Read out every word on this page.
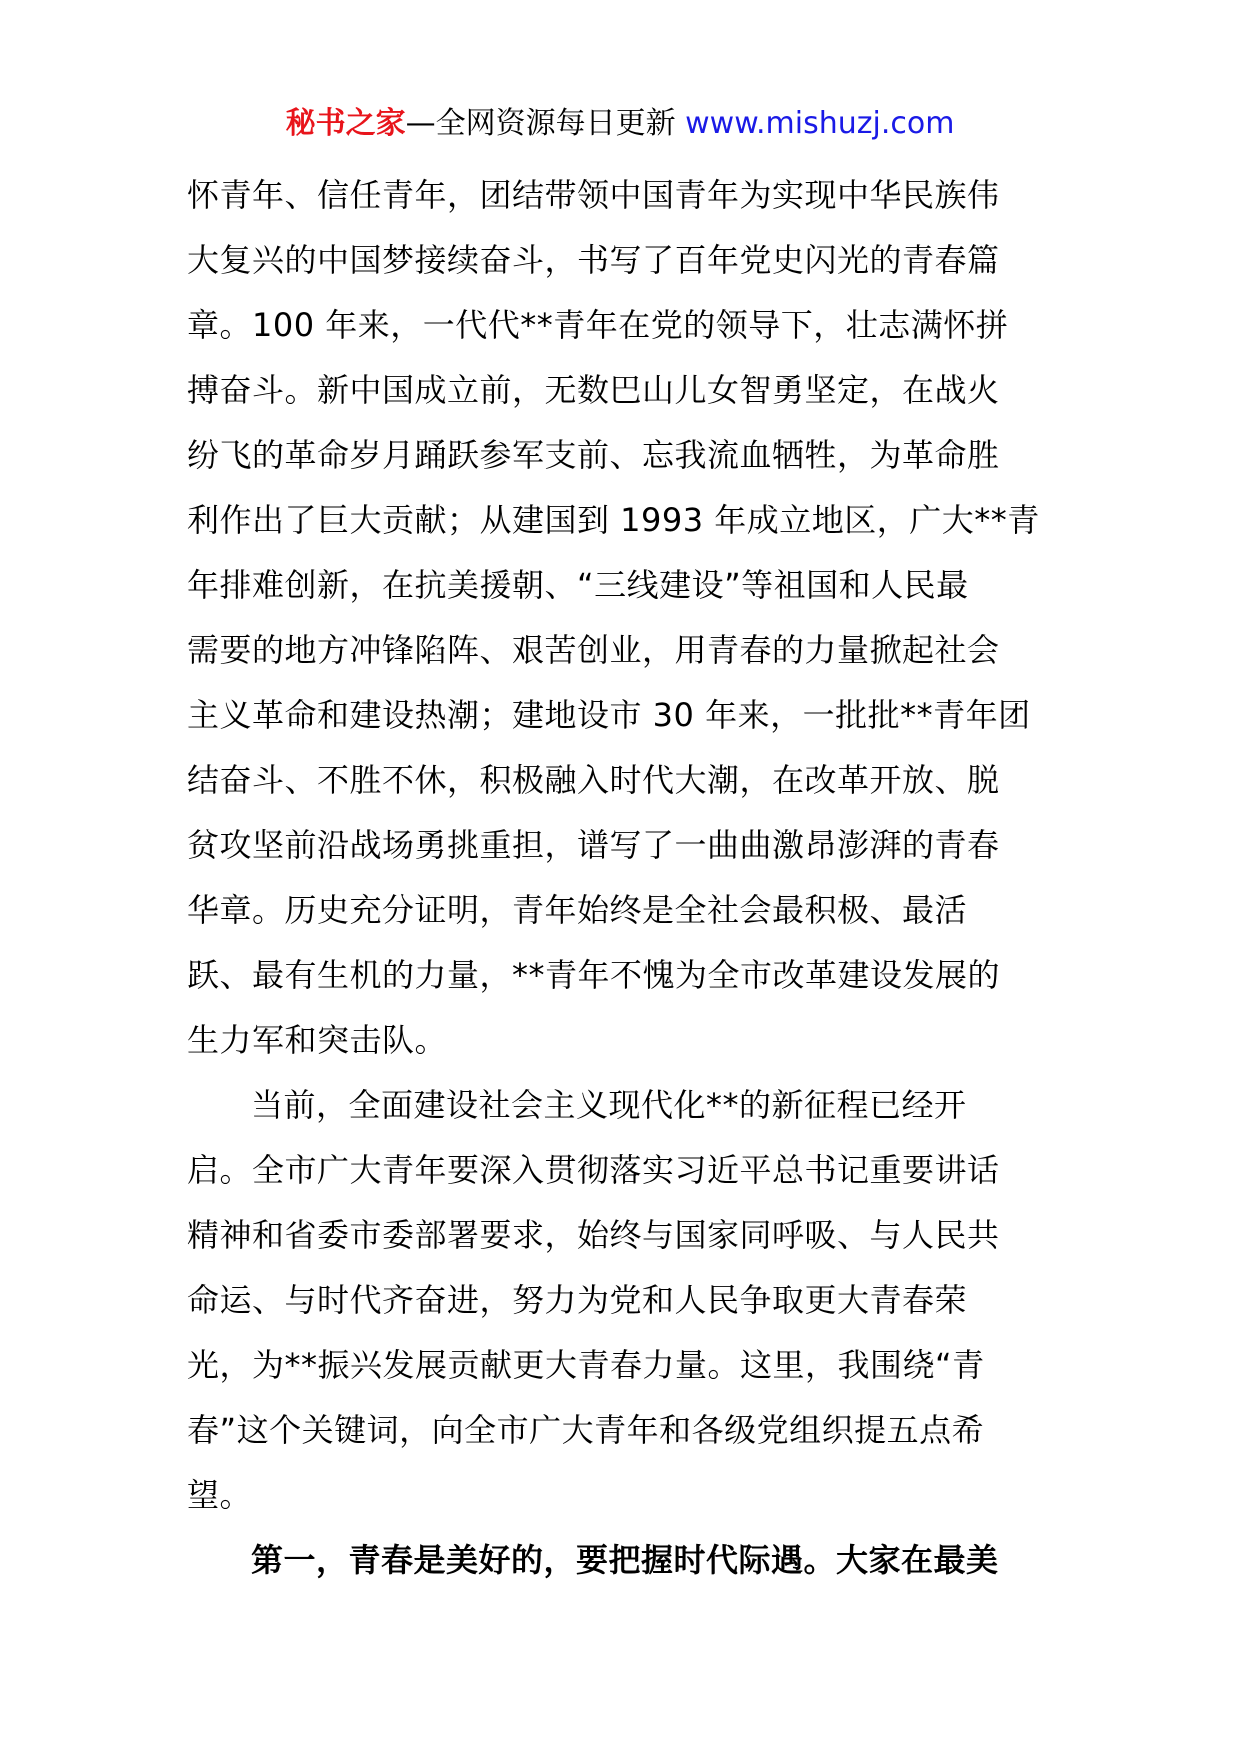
秘书之家—全网资源每日更新 www.mishuzj.com
怀青年、信任青年，团结带领中国青年为实现中华民族伟
大复兴的中国梦接续奋斗，书写了百年党史闪光的青春篇
章。100 年来，一代代**青年在党的领导下，壮志满怀拼
搏奋斗。新中国成立前，无数巴山儿女智勇坚定，在战火
纷飞的革命岁月踊跃参军支前、忘我流血牺牲，为革命胜
利作出了巨大贡献；从建国到 1993 年成立地区，广大**青
年排难创新，在抗美援朝、“三线建设”等祖国和人民最
需要的地方冲锋陷阵、艰苦创业，用青春的力量掀起社会
主义革命和建设热潮；建地设市 30 年来，一批批**青年团
结奋斗、不胜不休，积极融入时代大潮，在改革开放、脱
贫攻坚前沿战场勇挑重担，谱写了一曲曲激昂澎湃的青春
华章。历史充分证明，青年始终是全社会最积极、最活
跃、最有生机的力量，**青年不愧为全市改革建设发展的
生力军和突击队。
当前，全面建设社会主义现代化**的新征程已经开
启。全市广大青年要深入贯彻落实习近平总书记重要讲话
精神和省委市委部署要求，始终与国家同呼吸、与人民共
命运、与时代齐奋进，努力为党和人民争取更大青春荣
光，为**振兴发展贡献更大青春力量。这里，我围绕“青
春”这个关键词，向全市广大青年和各级党组织提五点希
望。
第一，青春是美好的，要把握时代际遇。大家在最美
